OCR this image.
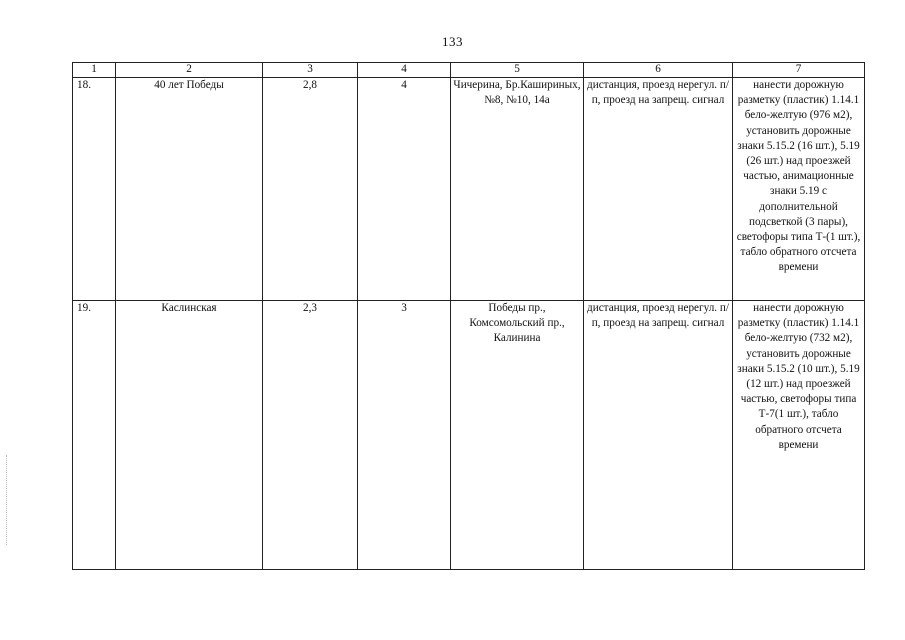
133
1	2	3	4	5	6	7
18.	40 лет Победы	2,8	4	Чичерина, Бр.Кашириных, №8, №10, 14а	дистанция, проезд нерегул. п/п, проезд на запрещ. сигнал	нанести дорожную разметку (пластик) 1.14.1 бело-желтую (976 м2), установить дорожные знаки 5.15.2 (16 шт.), 5.19 (26 шт.) над проезжей частью, анимационные знаки 5.19 с дополнительной подсветкой (3 пары), светофоры типа Т-(1 шт.), табло обратного отсчета времени
19.	Каслинская	2,3	3	Победы пр., Комсомольский пр., Калинина	дистанция, проезд нерегул. п/п, проезд на запрещ. сигнал	нанести дорожную разметку (пластик) 1.14.1 бело-желтую (732 м2), установить дорожные знаки 5.15.2 (10 шт.), 5.19 (12 шт.) над проезжей частью, светофоры типа Т-7(1 шт.), табло обратного отсчета времени
